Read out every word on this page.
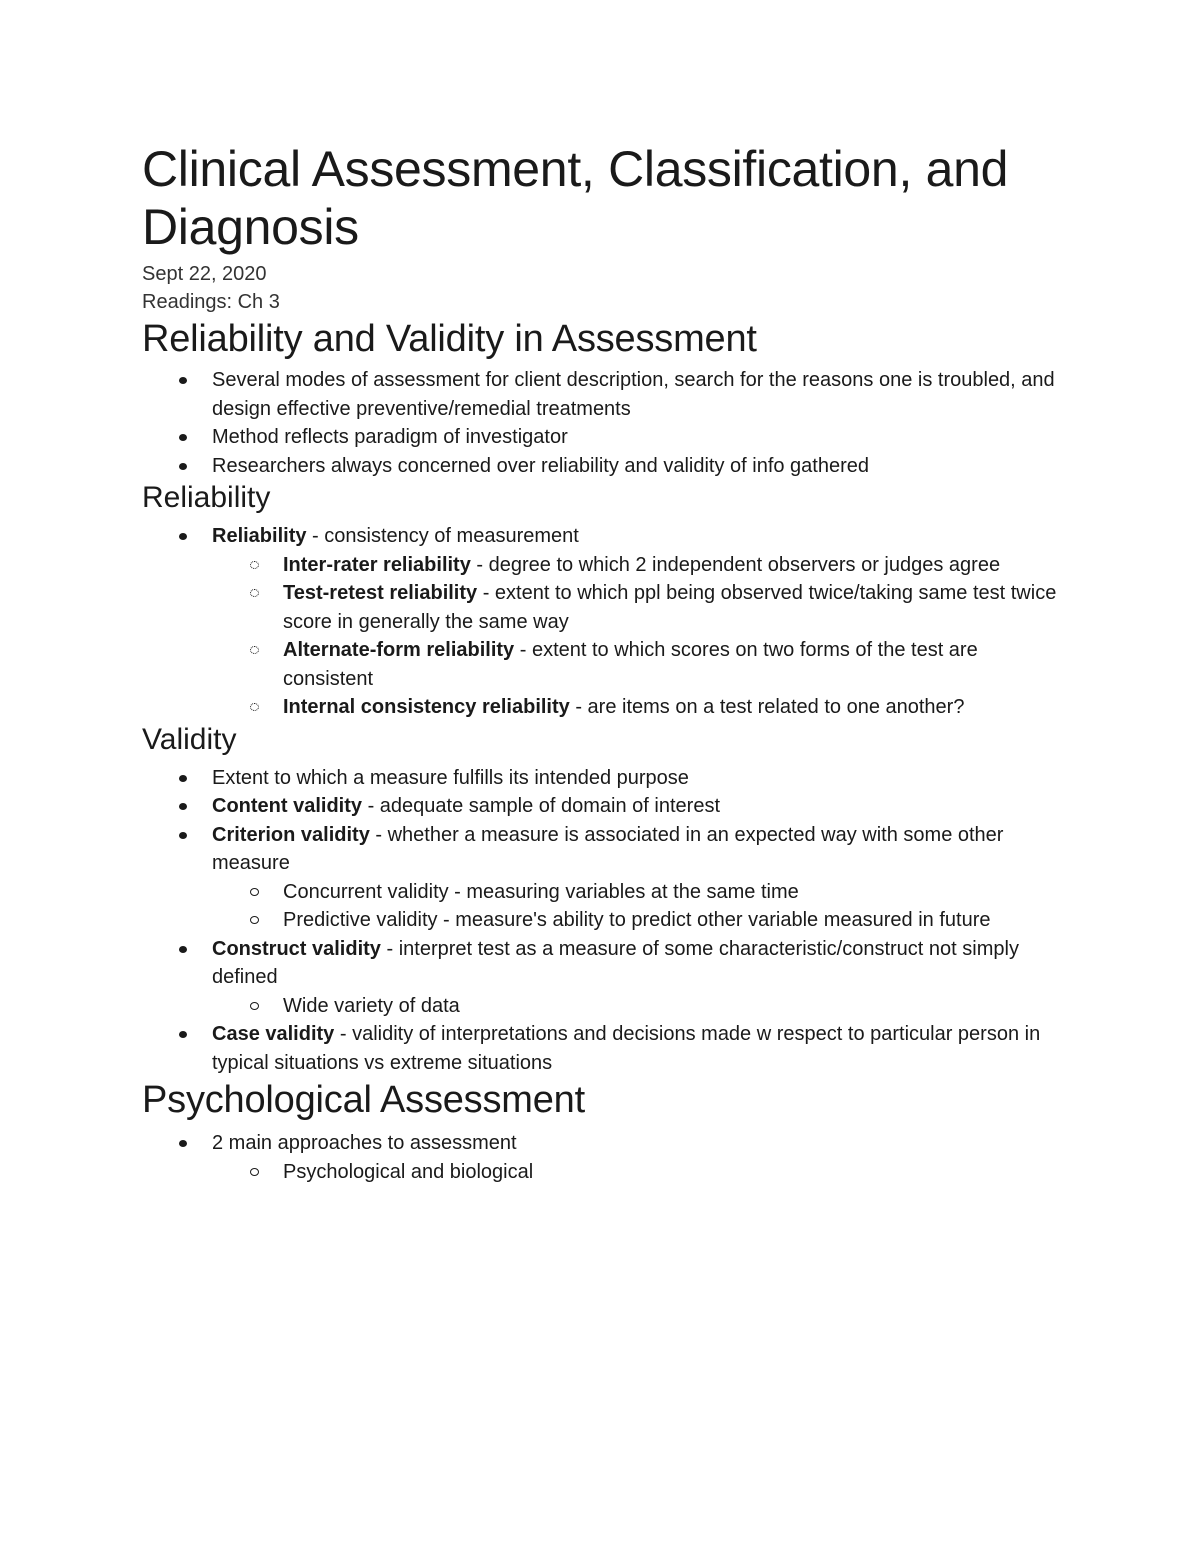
Clinical Assessment, Classification, and Diagnosis
Sept 22, 2020
Readings: Ch 3
Reliability and Validity in Assessment
Several modes of assessment for client description, search for the reasons one is troubled, and design effective preventive/remedial treatments
Method reflects paradigm of investigator
Researchers always concerned over reliability and validity of info gathered
Reliability
Reliability - consistency of measurement
Inter-rater reliability - degree to which 2 independent observers or judges agree
Test-retest reliability - extent to which ppl being observed twice/taking same test twice score in generally the same way
Alternate-form reliability - extent to which scores on two forms of the test are consistent
Internal consistency reliability - are items on a test related to one another?
Validity
Extent to which a measure fulfills its intended purpose
Content validity - adequate sample of domain of interest
Criterion validity - whether a measure is associated in an expected way with some other measure
Concurrent validity - measuring variables at the same time
Predictive validity - measure's ability to predict other variable measured in future
Construct validity - interpret test as a measure of some characteristic/construct not simply defined
Wide variety of data
Case validity - validity of interpretations and decisions made w respect to particular person in typical situations vs extreme situations
Psychological Assessment
2 main approaches to assessment
Psychological and biological
